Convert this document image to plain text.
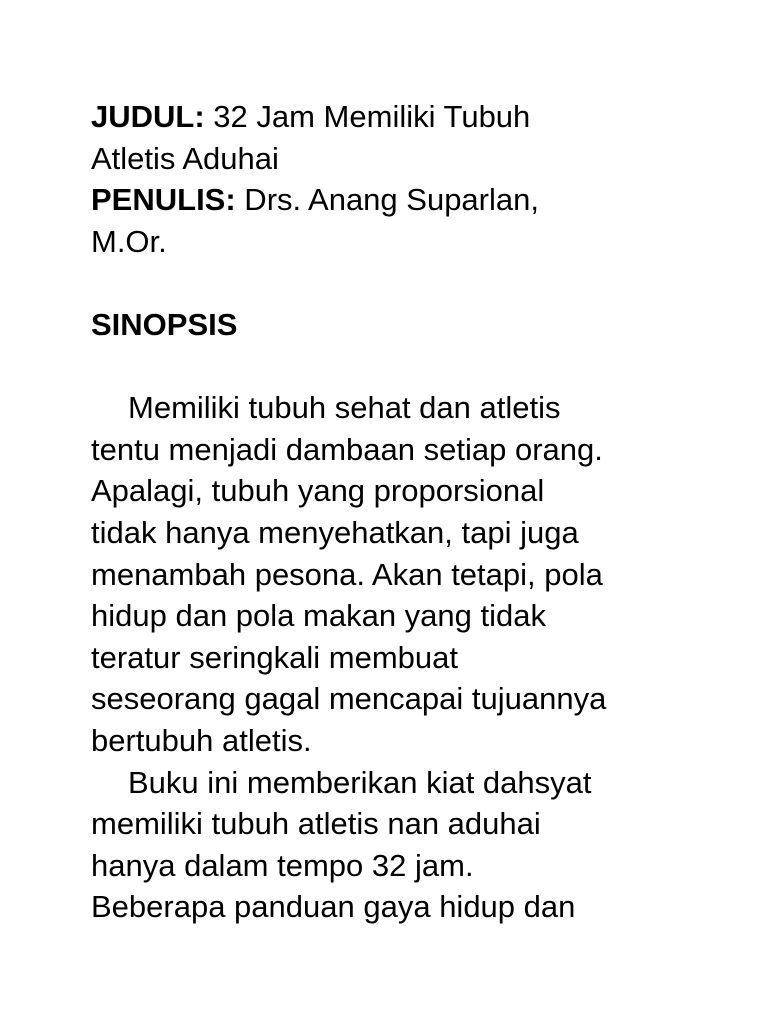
JUDUL: 32 Jam Memiliki Tubuh
Atletis Aduhai
PENULIS: Drs. Anang Suparlan,
M.Or.
SINOPSIS
Memiliki tubuh sehat dan atletis
tentu menjadi dambaan setiap orang.
Apalagi, tubuh yang proporsional
tidak hanya menyehatkan, tapi juga
menambah pesona. Akan tetapi, pola
hidup dan pola makan yang tidak
teratur seringkali membuat
seseorang gagal mencapai tujuannya
bertubuh atletis.
Buku ini memberikan kiat dahsyat
memiliki tubuh atletis nan aduhai
hanya dalam tempo 32 jam.
Beberapa panduan gaya hidup dan
